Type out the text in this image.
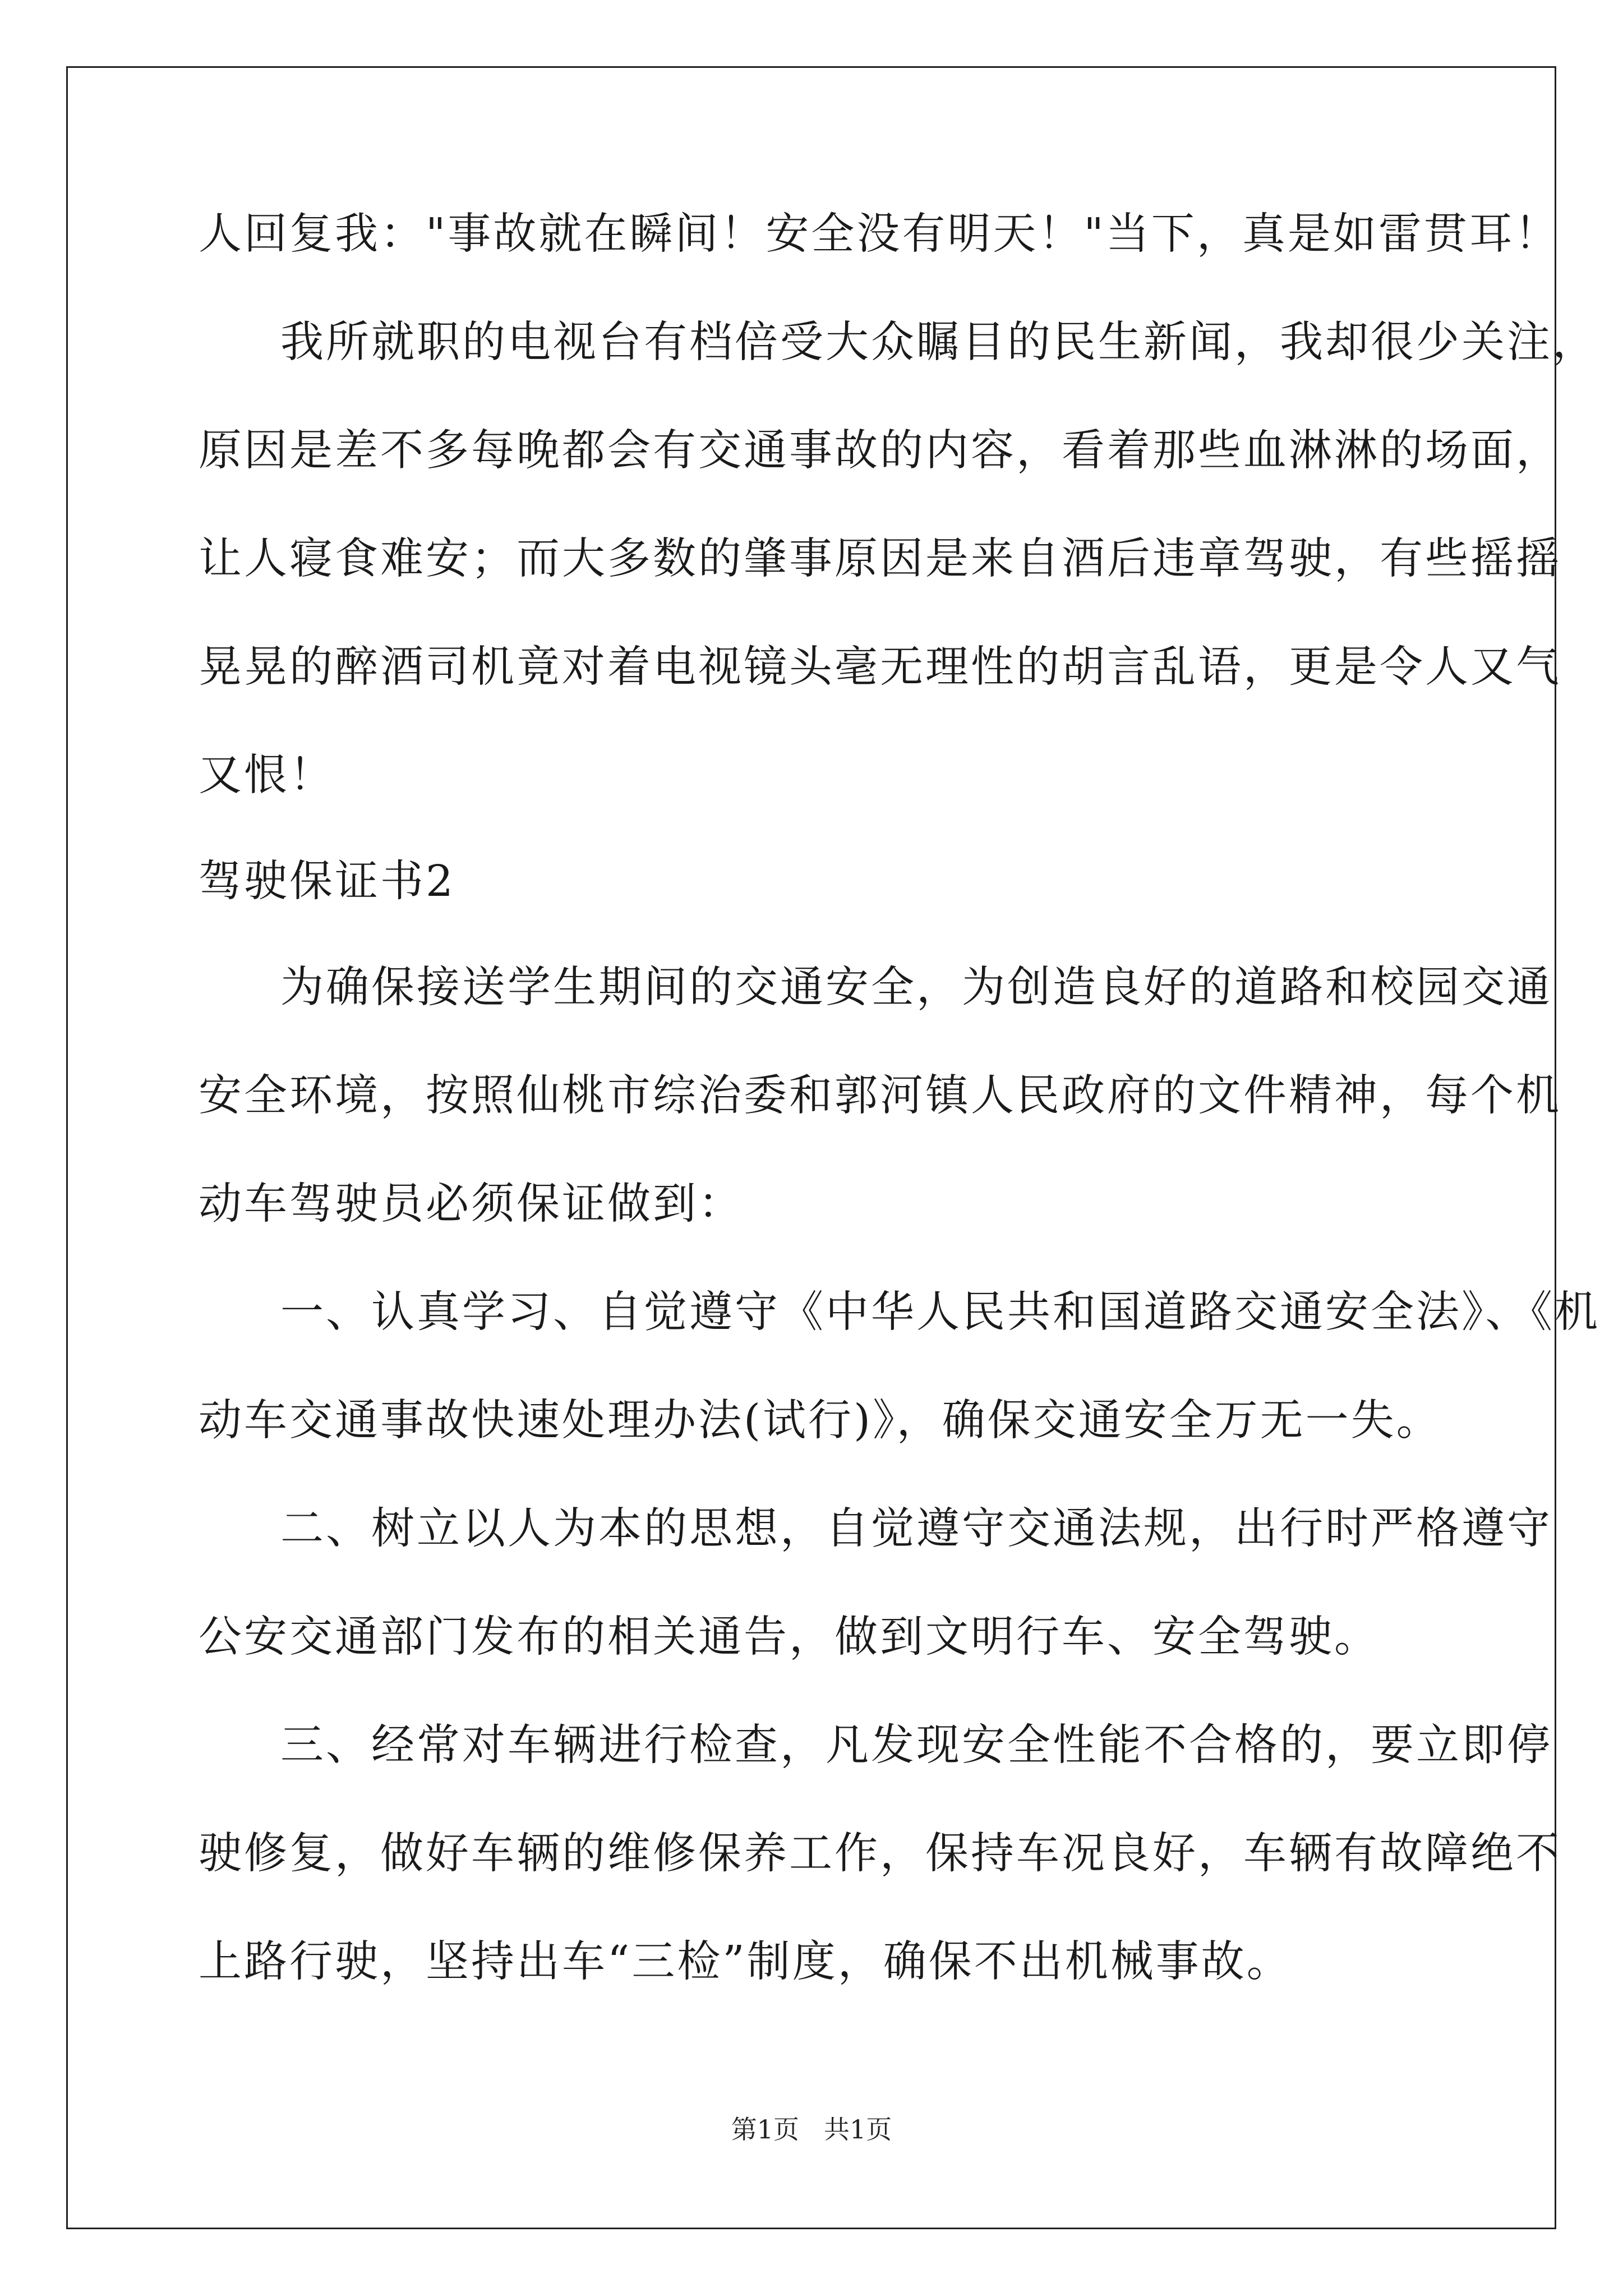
人回复我："事故就在瞬间！安全没有明天！"当下，真是如雷贯耳！
我所就职的电视台有档倍受大众瞩目的民生新闻，我却很少关注，
原因是差不多每晚都会有交通事故的内容，看着那些血淋淋的场面，
让人寝食难安；而大多数的肇事原因是来自酒后违章驾驶，有些摇摇
晃晃的醉酒司机竟对着电视镜头毫无理性的胡言乱语，更是令人又气
又恨！
驾驶保证书2
为确保接送学生期间的交通安全，为创造良好的道路和校园交通
安全环境，按照仙桃市综治委和郭河镇人民政府的文件精神，每个机
动车驾驶员必须保证做到：
一、认真学习、自觉遵守《中华人民共和国道路交通安全法》、《机
动车交通事故快速处理办法(试行)》，确保交通安全万无一失。
二、树立以人为本的思想，自觉遵守交通法规，出行时严格遵守
公安交通部门发布的相关通告，做到文明行车、安全驾驶。
三、经常对车辆进行检查，凡发现安全性能不合格的，要立即停
驶修复，做好车辆的维修保养工作，保持车况良好，车辆有故障绝不
上路行驶，坚持出车“三检”制度，确保不出机械事故。
第1页 共1页
